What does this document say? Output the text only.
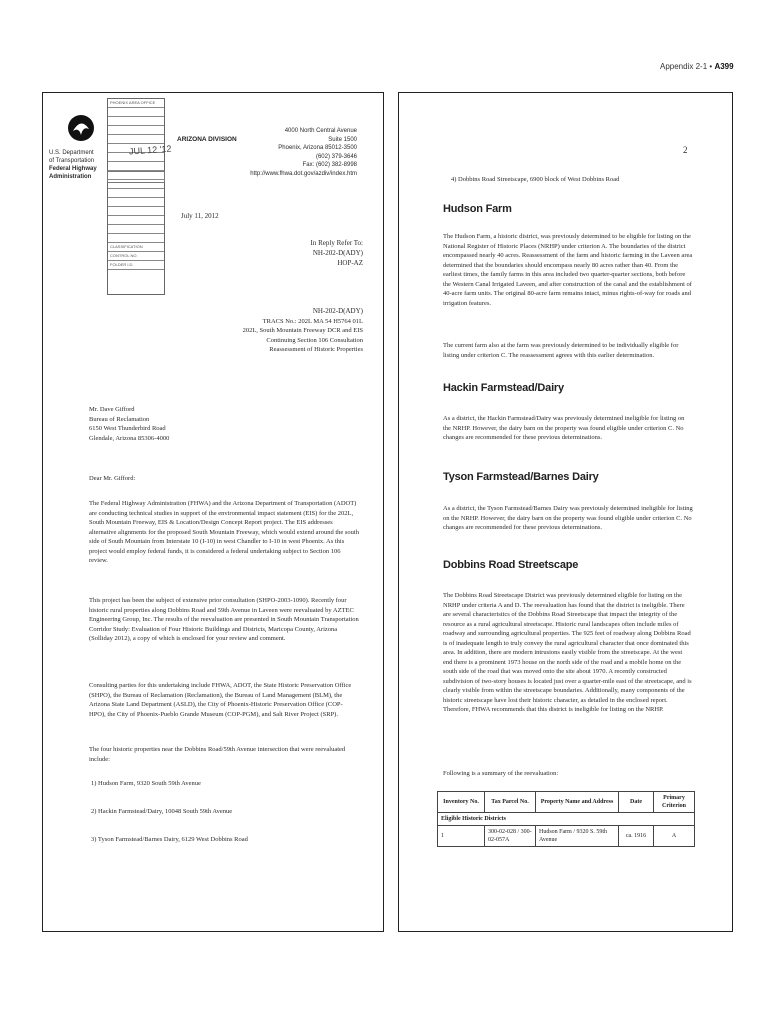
Appendix 2-1 • A399
PHOENIX AREA OFFICE
CLASSIFICATION
CONTROL NO.
FOLDER I.D.
U.S. Department
of Transportation
Federal Highway
Administration
JUL 12 '12
ARIZONA DIVISION
4000 North Central Avenue
Suite 1500
Phoenix, Arizona 85012-3500
(602) 379-3646
Fax: (602) 382-8998
http://www.fhwa.dot.gov/azdiv/index.htm
July 11, 2012
In Reply Refer To:
NH-202-D(ADY)
HOP-AZ
NH-202-D(ADY)
TRACS No.: 202L MA 54 H5764 01L
202L, South Mountain Freeway DCR and EIS
Continuing Section 106 Consultation
Reassessment of Historic Properties
Mr. Dave Gifford
Bureau of Reclamation
6150 West Thunderbird Road
Glendale, Arizona 85306-4000
Dear Mr. Gifford:
The Federal Highway Administration (FHWA) and the Arizona Department of Transportation (ADOT) are conducting technical studies in support of the environmental impact statement (EIS) for the 202L, South Mountain Freeway, EIS & Location/Design Concept Report project. The EIS addresses alternative alignments for the proposed South Mountain Freeway, which would extend around the south side of South Mountain from Interstate 10 (I-10) in west Chandler to I-10 in west Phoenix. As this project would employ federal funds, it is considered a federal undertaking subject to Section 106 review.
This project has been the subject of extensive prior consultation (SHPO-2003-1090). Recently four historic rural properties along Dobbins Road and 59th Avenue in Laveen were reevaluated by AZTEC Engineering Group, Inc. The results of the reevaluation are presented in South Mountain Transportation Corridor Study: Evaluation of Four Historic Buildings and Districts, Maricopa County, Arizona (Solliday 2012), a copy of which is enclosed for your review and comment.
Consulting parties for this undertaking include FHWA, ADOT, the State Historic Preservation Office (SHPO), the Bureau of Reclamation (Reclamation), the Bureau of Land Management (BLM), the Arizona State Land Department (ASLD), the City of Phoenix-Historic Preservation Office (COP-HPO), the City of Phoenix-Pueblo Grande Museum (COP-PGM), and Salt River Project (SRP).
The four historic properties near the Dobbins Road/59th Avenue intersection that were reevaluated include:
1) Hudson Farm, 9320 South 59th Avenue
2) Hackin Farmstead/Dairy, 10048 South 59th Avenue
3) Tyson Farmstead/Barnes Dairy, 6129 West Dobbins Road
2
4) Dobbins Road Streetscape, 6900 block of West Dobbins Road
Hudson Farm
The Hudson Farm, a historic district, was previously determined to be eligible for listing on the National Register of Historic Places (NRHP) under criterion A. The boundaries of the district encompassed nearly 40 acres. Reassessment of the farm and historic farming in the Laveen area determined that the boundaries should encompass nearly 80 acres rather than 40. From the earliest times, the family farms in this area included two quarter-quarter sections, both before the Western Canal Irrigated Laveen, and after construction of the canal and the establishment of 40-acre farm units. The original 80-acre farm remains intact, minus rights-of-way for roads and irrigation features.
The current farm also at the farm was previously determined to be individually eligible for listing under criterion C. The reassessment agrees with this earlier determination.
Hackin Farmstead/Dairy
As a district, the Hackin Farmstead/Dairy was previously determined ineligible for listing on the NRHP. However, the dairy barn on the property was found eligible under criterion C. No changes are recommended for these previous determinations.
Tyson Farmstead/Barnes Dairy
As a district, the Tyson Farmstead/Barnes Dairy was previously determined ineligible for listing on the NRHP. However, the dairy barn on the property was found eligible under criterion C. No changes are recommended for these previous determinations.
Dobbins Road Streetscape
The Dobbins Road Streetscape District was previously determined eligible for listing on the NRHP under criteria A and D. The reevaluation has found that the district is ineligible. There are several characteristics of the Dobbins Road Streetscape that impact the integrity of the resource as a rural agricultural streetscape. Historic rural landscapes often include miles of roadway and surrounding agricultural properties. The 925 feet of roadway along Dobbins Road is of inadequate length to truly convey the rural agricultural character that once dominated this area. In addition, there are modern intrusions easily visible from the streetscape. At the west end there is a prominent 1973 house on the north side of the road and a mobile home on the south side of the road that was moved onto the site about 1970. A recently constructed subdivision of two-story houses is located just over a quarter-mile east of the streetscape, and is clearly visible from within the streetscape boundaries. Additionally, many components of the historic streetscape have lost their historic character, as detailed in the enclosed report. Therefore, FHWA recommends that this district is ineligible for listing on the NRHP.
Following is a summary of the reevaluation:
Inventory No.	Tax Parcel No.	Property Name and Address	Date	Primary Criterion
Eligible Historic Districts				
1	300-02-028 / 300-02-057A	Hudson Farm / 9320 S. 59th Avenue	ca. 1916	A
